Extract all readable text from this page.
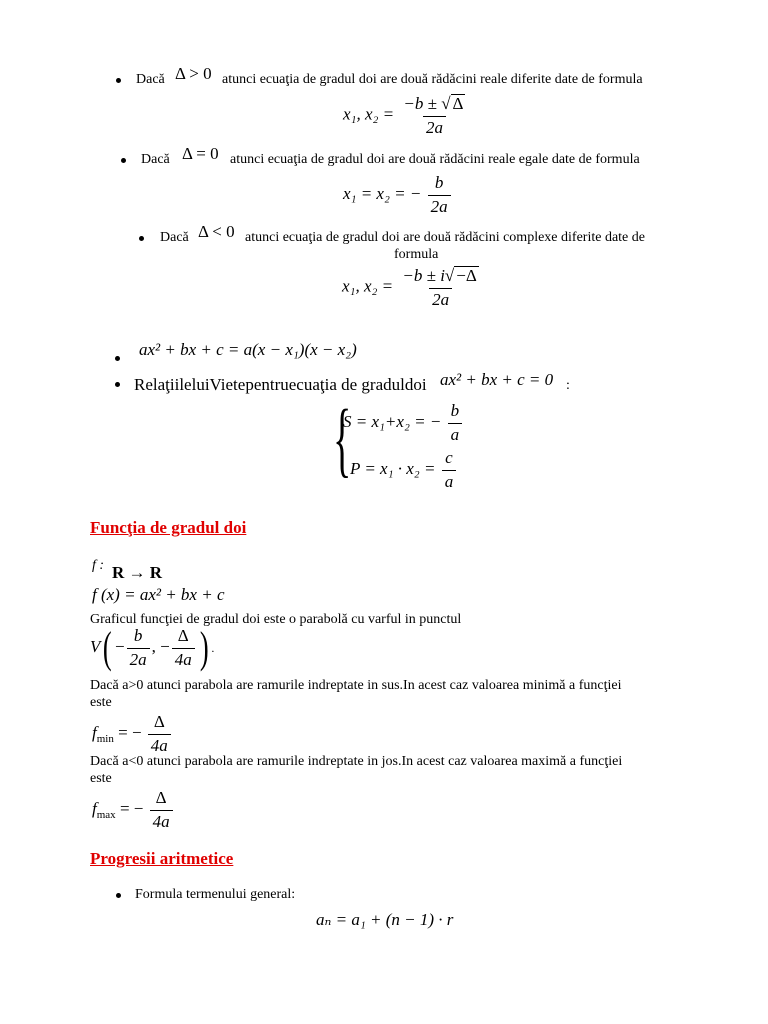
Dacă Δ > 0 atunci ecuaţia de gradul doi are două rădăcini reale diferite date de formula
x₁, $x_2 = \frac{-b \pm √ \Delta}{2a}$
Dacă Δ = 0 atunci ecuaţia de gradul doi are două rădăcini reale egale date de formula
x₁ = x₂ = − $\frac{b}{2a}$
Dacă Δ < 0 atunci ecuaţia de gradul doi are două rădăcini complexe diferite date de
formula
x₁, $x_2 = \frac{-b \pm i√ -\Delta}{2a}$
ax² + bx + c = a(x − x₁)(x − x₂)
RelaţiileluiVietepentruecuaţia de graduldoi ax² + bx + c = 0 :
{
S = x₁+x₂ = − $\frac{b}{a}$
$P = x_1 \cdot x_2 = \frac{c}{a}$
Funcţia de gradul doi
f : R → R
f (x) = ax² + bx + c
Graficul funcţiei de gradul doi este o parabolă cu varful in punctul
$V( - \frac{b}{2a}$ , − $\frac{\Delta}{4a}$ ) .
Dacă a>0 atunci parabola are ramurile indreptate in sus.In acest caz valoarea minimă a funcţiei
este
$f_{min}$ = − $\frac{\Delta}{4a}$
Dacă a<0 atunci parabola are ramurile indreptate in jos.In acest caz valoarea maximă a funcţiei
este
$f_{max}$ = − $\frac{\Delta}{4a}$
Progresii aritmetice
Formula termenului general:
aₙ = a₁ + (n − 1) · r
